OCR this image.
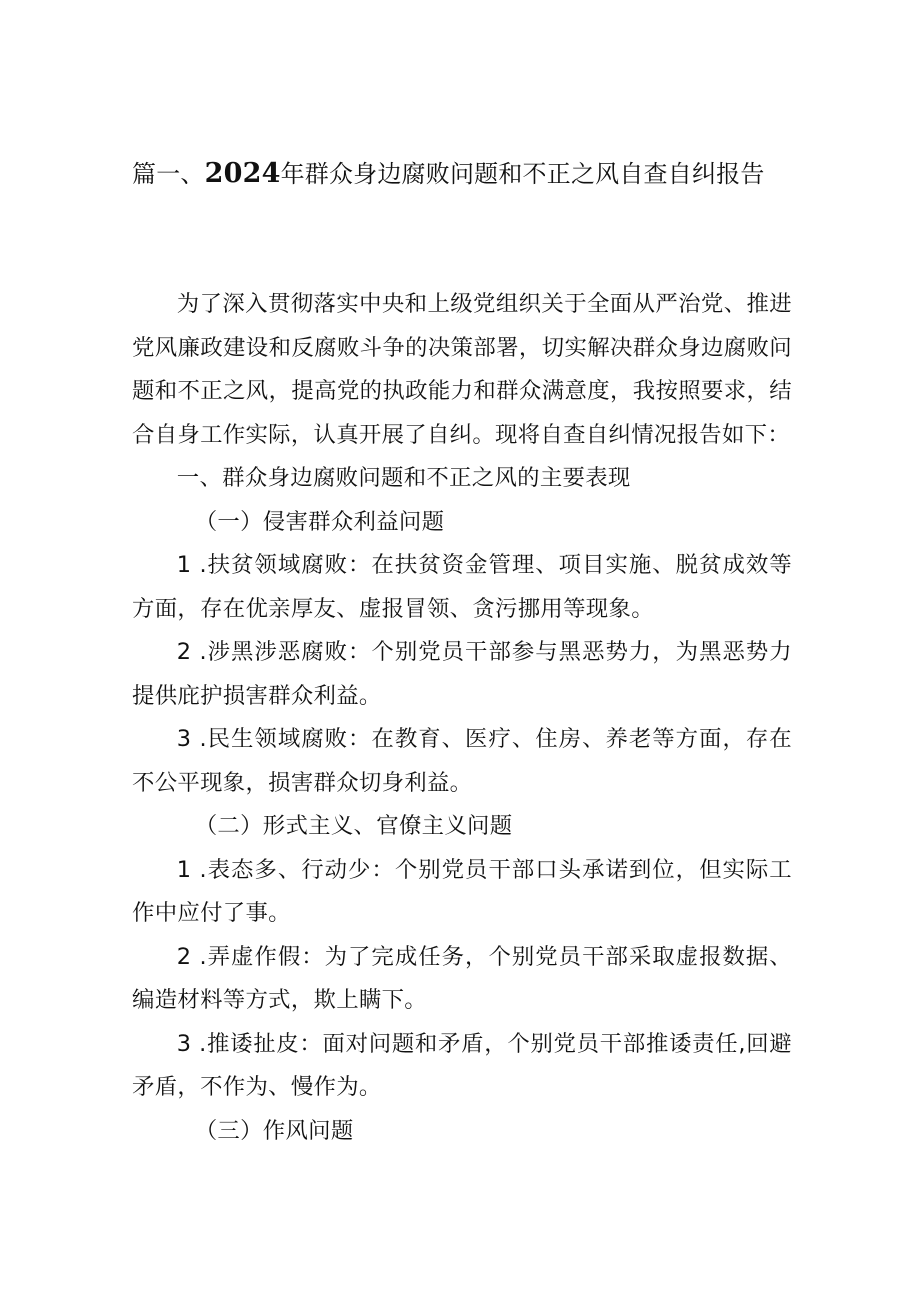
篇一、2024年群众身边腐败问题和不正之风自查自纠报告

为了深入贯彻落实中央和上级党组织关于全面从严治党、推进党风廉政建设和反腐败斗争的决策部署，切实解决群众身边腐败问题和不正之风，提高党的执政能力和群众满意度，我按照要求，结合自身工作实际，认真开展了自纠。现将自查自纠情况报告如下：

一、群众身边腐败问题和不正之风的主要表现

（一）侵害群众利益问题

1 .扶贫领域腐败：在扶贫资金管理、项目实施、脱贫成效等方面，存在优亲厚友、虚报冒领、贪污挪用等现象。

2 .涉黑涉恶腐败：个别党员干部参与黑恶势力，为黑恶势力提供庇护损害群众利益。

3 .民生领域腐败：在教育、医疗、住房、养老等方面，存在不公平现象，损害群众切身利益。

（二）形式主义、官僚主义问题

1 .表态多、行动少：个别党员干部口头承诺到位，但实际工作中应付了事。

2 .弄虚作假：为了完成任务，个别党员干部采取虚报数据、编造材料等方式，欺上瞒下。

3 .推诿扯皮：面对问题和矛盾，个别党员干部推诿责任,回避矛盾，不作为、慢作为。

（三）作风问题
